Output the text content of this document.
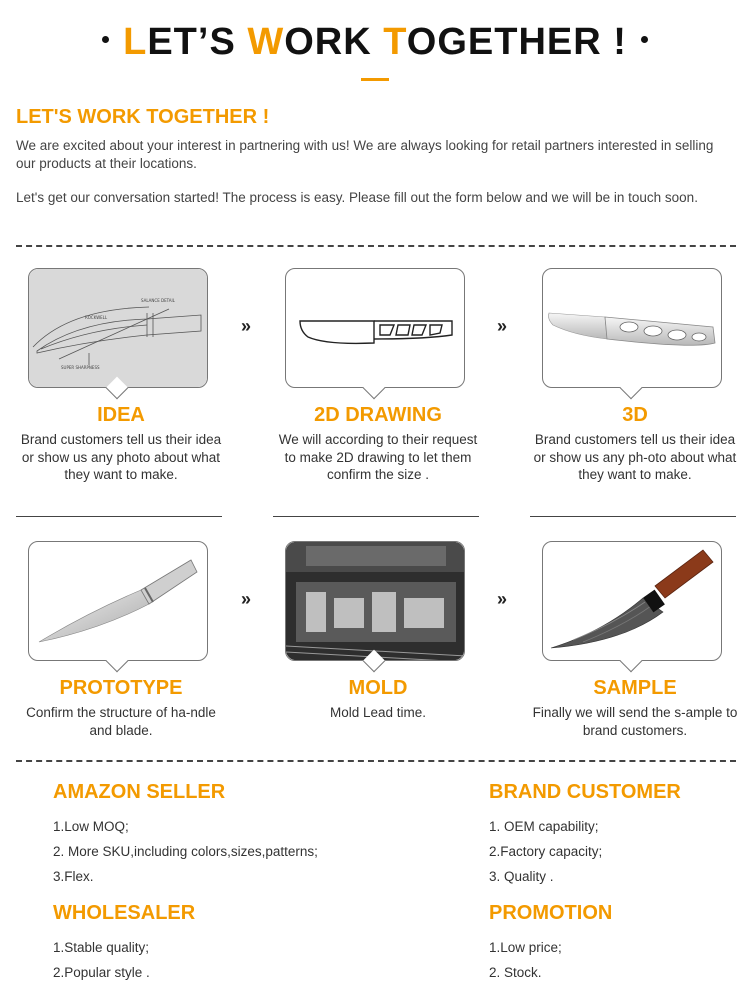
LET’S WORK TOGETHER !
LET'S WORK TOGETHER !

We are excited about your interest in partnering with us! We are always looking for retail partners interested in selling our products at their locations.

Let's get our conversation started! The process is easy. Please fill out the form below and we will be in touch soon.

SALANCE DETAIL
ROCKWELL
SUPER SHARPNESS
IDEA

Brand customers tell us their idea or show us any photo about what they want to make.

»
2D DRAWING

We will according to their request to make 2D drawing to let them confirm the size .

»
3D

Brand customers tell us their idea or show us any ph-oto about what they want to make.

PROTOTYPE

Confirm the structure of ha-ndle and blade.

»
MOLD

Mold Lead time.

»
SAMPLE

Finally we will send the s-ample to brand customers.

AMAZON SELLER
1.Low MOQ;
2. More SKU,including colors,sizes,patterns;
3.Flex.
BRAND CUSTOMER
1. OEM capability;
2.Factory capacity;
3. Quality .
WHOLESALER
1.Stable quality;
2.Popular style .
PROMOTION
1.Low price;
2. Stock.
